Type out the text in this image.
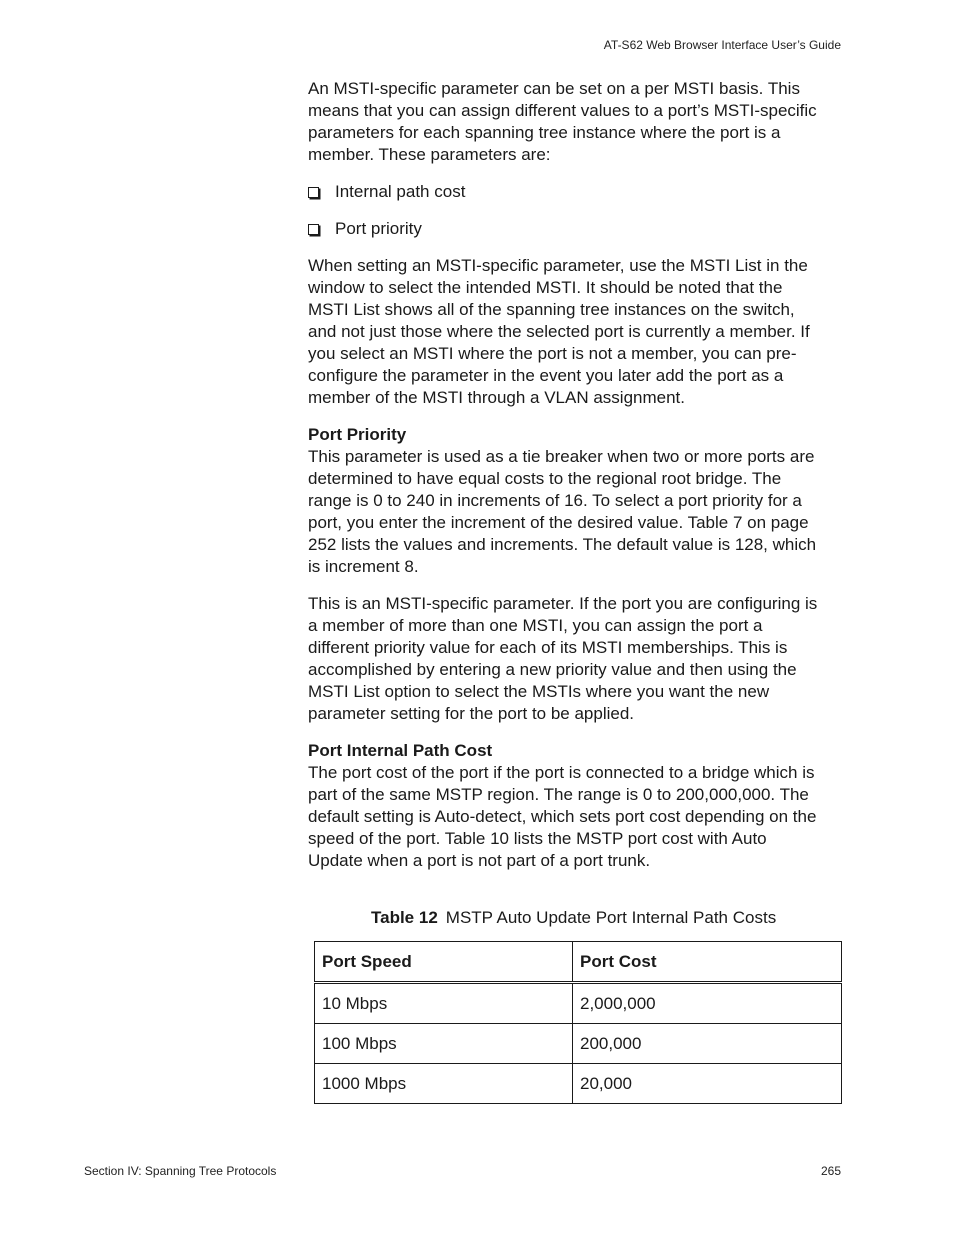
AT-S62 Web Browser Interface User’s Guide

An MSTI-specific parameter can be set on a per MSTI basis. This means that you can assign different values to a port’s MSTI-specific parameters for each spanning tree instance where the port is a member. These parameters are:

Internal path cost
Port priority

When setting an MSTI-specific parameter, use the MSTI List in the window to select the intended MSTI. It should be noted that the MSTI List shows all of the spanning tree instances on the switch, and not just those where the selected port is currently a member. If you select an MSTI where the port is not a member, you can pre-configure the parameter in the event you later add the port as a member of the MSTI through a VLAN assignment.

Port Priority

This parameter is used as a tie breaker when two or more ports are determined to have equal costs to the regional root bridge. The range is 0 to 240 in increments of 16. To select a port priority for a port, you enter the increment of the desired value. Table 7 on page 252 lists the values and increments. The default value is 128, which is increment 8.

This is an MSTI-specific parameter. If the port you are configuring is a member of more than one MSTI, you can assign the port a different priority value for each of its MSTI memberships. This is accomplished by entering a new priority value and then using the MSTI List option to select the MSTIs where you want the new parameter setting for the port to be applied.

Port Internal Path Cost

The port cost of the port if the port is connected to a bridge which is part of the same MSTP region. The range is 0 to 200,000,000. The default setting is Auto-detect, which sets port cost depending on the speed of the port. Table 10 lists the MSTP port cost with Auto Update when a port is not part of a port trunk.

Table 12 MSTP Auto Update Port Internal Path Costs
Port Speed	Port Cost
10 Mbps	2,000,000
100 Mbps	200,000
1000 Mbps	20,000
Section IV: Spanning Tree Protocols	265
